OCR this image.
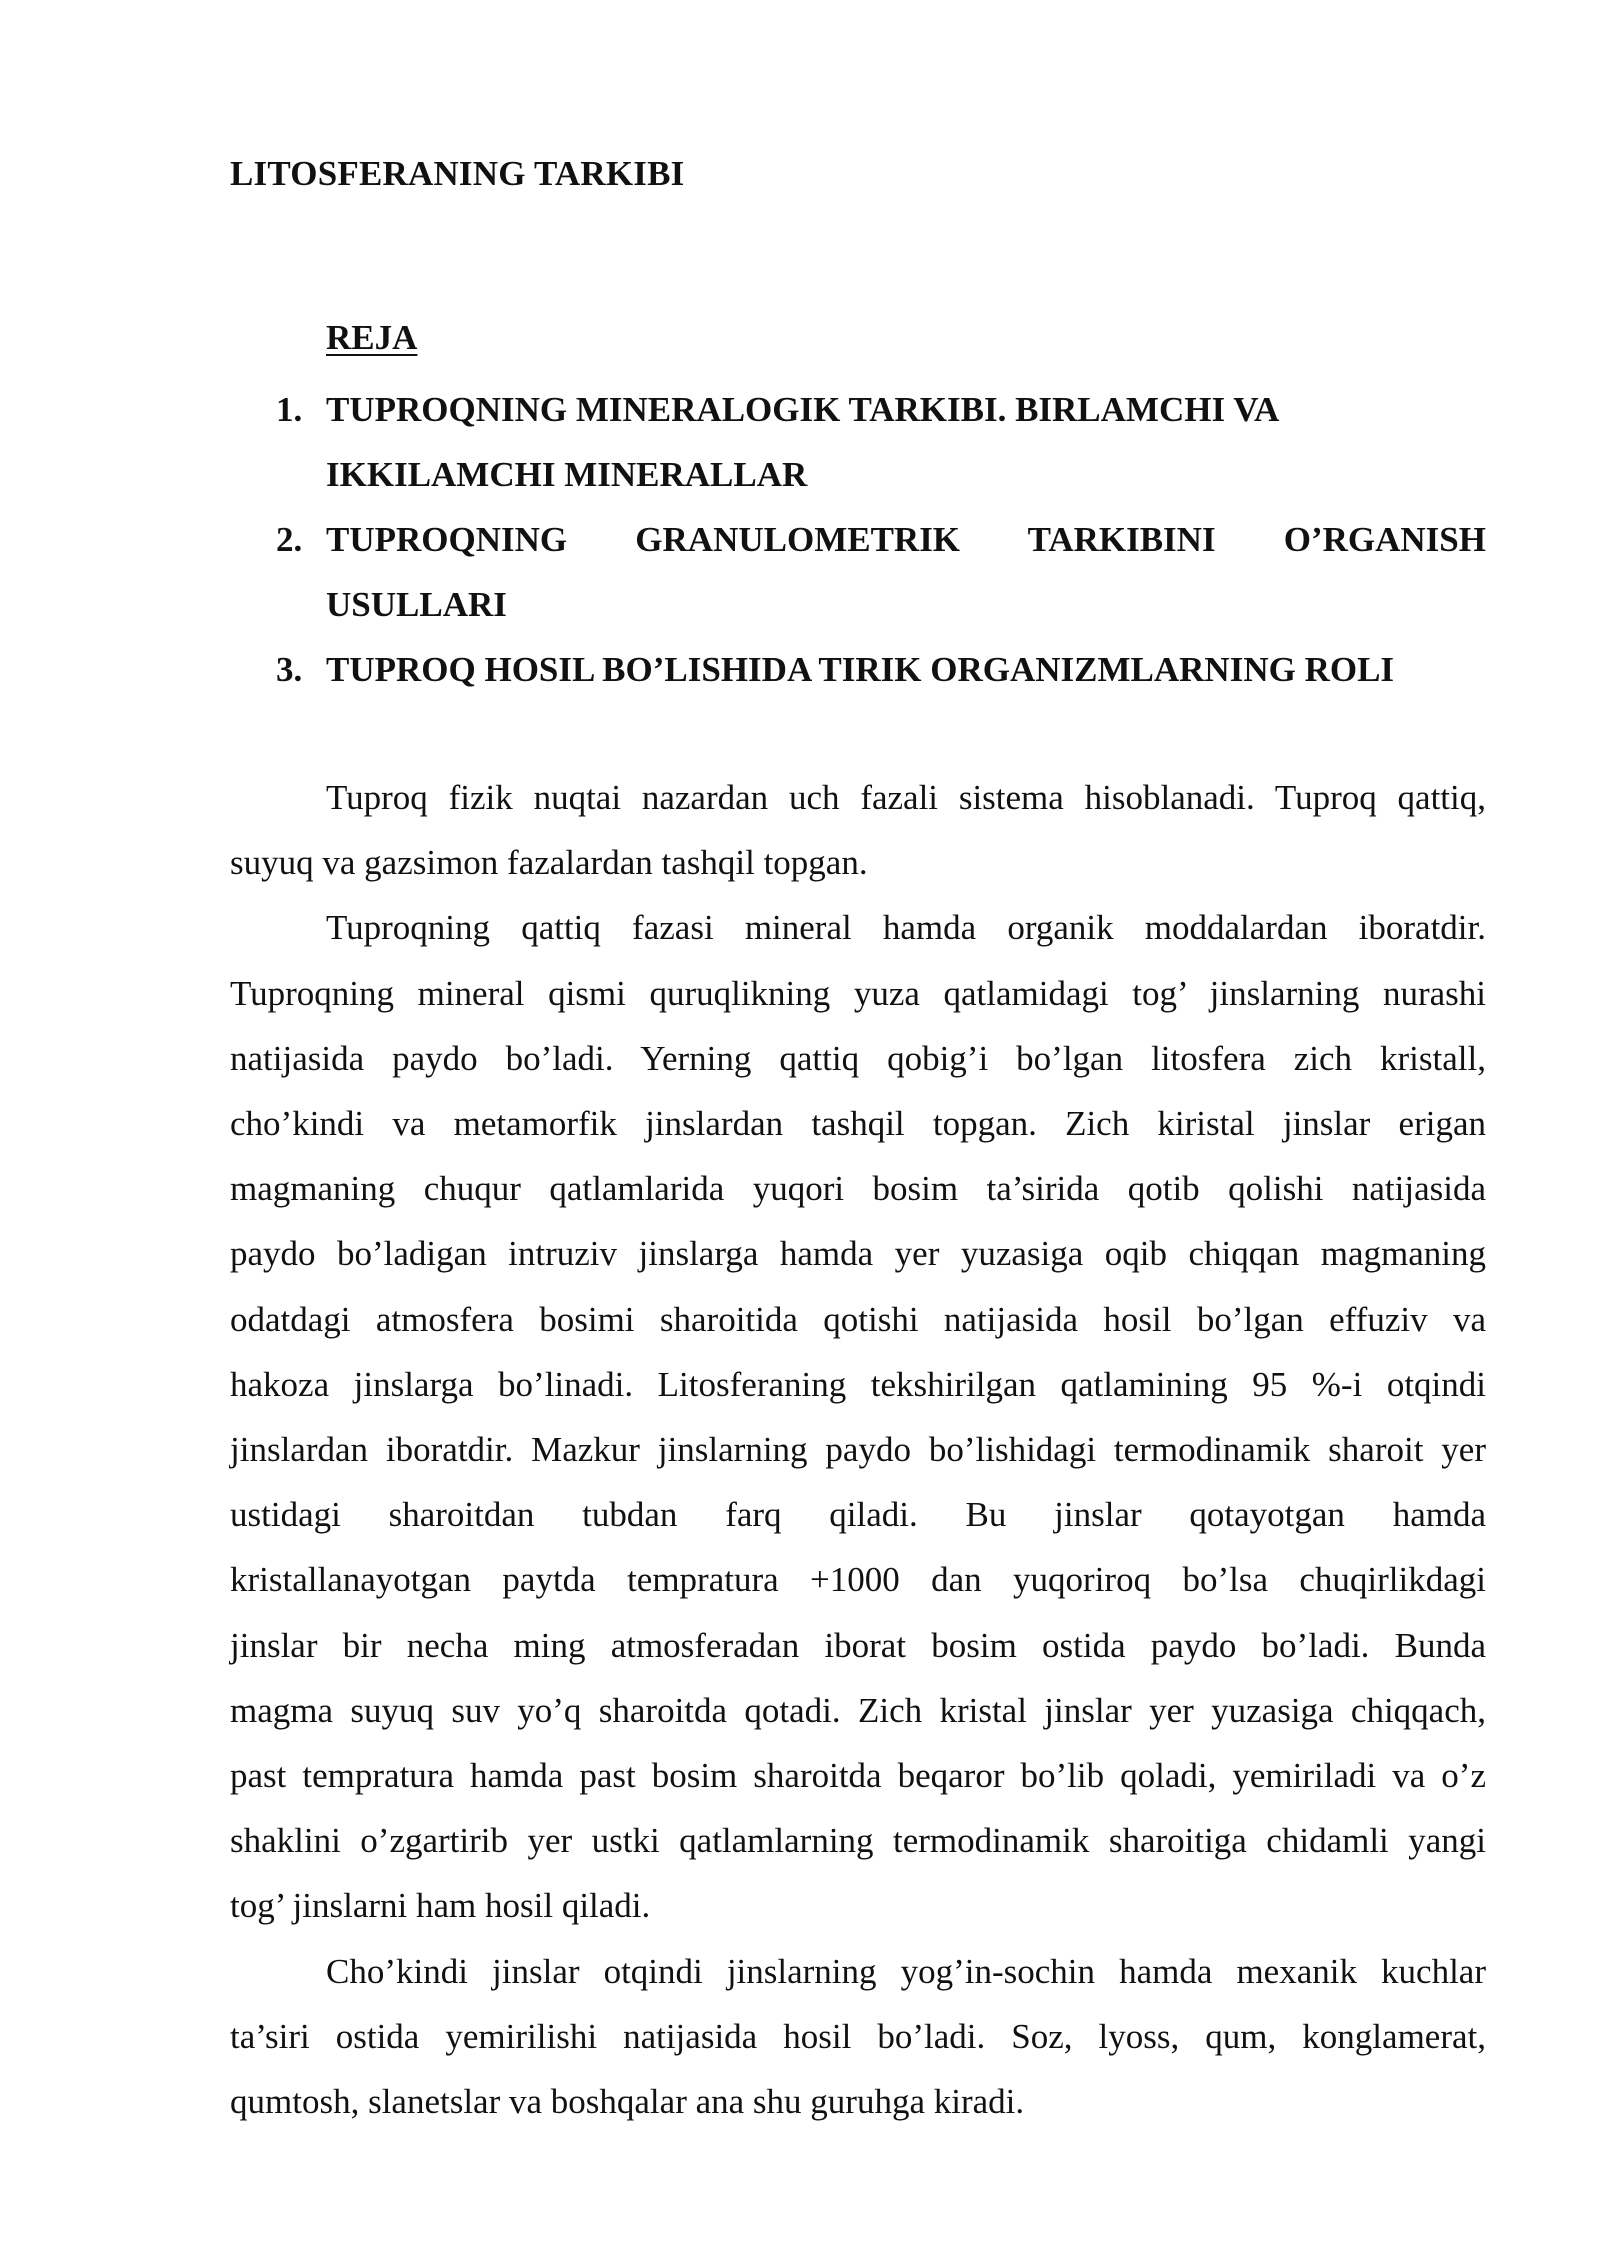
LITOSFERANING TARKIBI
REJA
1. TUPROQNING MINERALOGIK TARKIBI. BIRLAMCHI VA
IKKILAMCHI MINERALLAR
2. TUPROQNING GRANULOMETRIK TARKIBINI O’RGANISH
USULLARI
3. TUPROQ HOSIL BO’LISHIDA TIRIK ORGANIZMLARNING ROLI
Tuproq fizik nuqtai nazardan uch fazali sistema hisoblanadi. Tuproq qattiq,
suyuq va gazsimon fazalardan tashqil topgan.
Tuproqning qattiq fazasi mineral hamda organik moddalardan iboratdir.
Tuproqning mineral qismi quruqlikning yuza qatlamidagi tog’ jinslarning nurashi
natijasida paydo bo’ladi. Yerning qattiq qobig’i bo’lgan litosfera zich kristall,
cho’kindi va metamorfik jinslardan tashqil topgan. Zich kiristal jinslar erigan
magmaning chuqur qatlamlarida yuqori bosim ta’sirida qotib qolishi natijasida
paydo bo’ladigan intruziv jinslarga hamda yer yuzasiga oqib chiqqan magmaning
odatdagi atmosfera bosimi sharoitida qotishi natijasida hosil bo’lgan effuziv va
hakoza jinslarga bo’linadi. Litosferaning tekshirilgan qatlamining 95 %-i otqindi
jinslardan iboratdir. Mazkur jinslarning paydo bo’lishidagi termodinamik sharoit yer
ustidagi sharoitdan tubdan farq qiladi. Bu jinslar qotayotgan hamda
kristallanayotgan paytda tempratura +1000 dan yuqoriroq bo’lsa chuqirlikdagi
jinslar bir necha ming atmosferadan iborat bosim ostida paydo bo’ladi. Bunda
magma suyuq suv yo’q sharoitda qotadi. Zich kristal jinslar yer yuzasiga chiqqach,
past tempratura hamda past bosim sharoitda beqaror bo’lib qoladi, yemiriladi va o’z
shaklini o’zgartirib yer ustki qatlamlarning termodinamik sharoitiga chidamli yangi
tog’ jinslarni ham hosil qiladi.
Cho’kindi jinslar otqindi jinslarning yog’in-sochin hamda mexanik kuchlar
ta’siri ostida yemirilishi natijasida hosil bo’ladi. Soz, lyoss, qum, konglamerat,
qumtosh, slanetslar va boshqalar ana shu guruhga kiradi.
